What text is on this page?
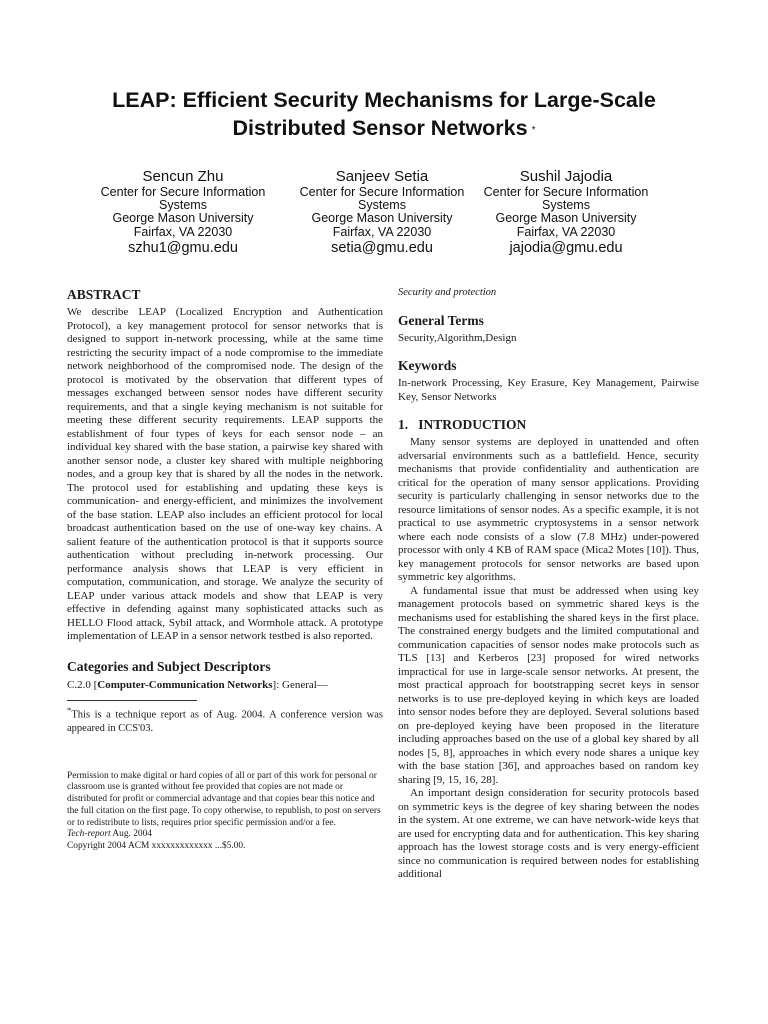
LEAP: Efficient Security Mechanisms for Large-Scale
Distributed Sensor Networks *
Sencun Zhu
Center for Secure Information
Systems
George Mason University
Fairfax, VA 22030
szhu1@gmu.edu
Sanjeev Setia
Center for Secure Information
Systems
George Mason University
Fairfax, VA 22030
setia@gmu.edu
Sushil Jajodia
Center for Secure Information
Systems
George Mason University
Fairfax, VA 22030
jajodia@gmu.edu
ABSTRACT

We describe LEAP (Localized Encryption and Authentication Protocol), a key management protocol for sensor networks that is designed to support in-network processing, while at the same time restricting the security impact of a node compromise to the immediate network neighborhood of the compromised node. The design of the protocol is motivated by the observation that different types of messages exchanged between sensor nodes have different security requirements, and that a single keying mechanism is not suitable for meeting these different security requirements. LEAP supports the establishment of four types of keys for each sensor node – an individual key shared with the base station, a pairwise key shared with another sensor node, a cluster key shared with multiple neighboring nodes, and a group key that is shared by all the nodes in the network. The protocol used for establishing and updating these keys is communication- and energy-efficient, and minimizes the involvement of the base station. LEAP also includes an efficient protocol for local broadcast authentication based on the use of one-way key chains. A salient feature of the authentication protocol is that it supports source authentication without precluding in-network processing. Our performance analysis shows that LEAP is very efficient in computation, communication, and storage. We analyze the security of LEAP under various attack models and show that LEAP is very effective in defending against many sophisticated attacks such as HELLO Flood attack, Sybil attack, and Wormhole attack. A prototype implementation of LEAP in a sensor network testbed is also reported.

Categories and Subject Descriptors

C.2.0 [Computer-Communication Networks]: General—

*This is a technique report as of Aug. 2004. A conference version was appeared in CCS'03.

Permission to make digital or hard copies of all or part of this work for personal or classroom use is granted without fee provided that copies are not made or distributed for profit or commercial advantage and that copies bear this notice and the full citation on the first page. To copy otherwise, to republish, to post on servers or to redistribute to lists, requires prior specific permission and/or a fee.

Tech-report Aug. 2004

Copyright 2004 ACM xxxxxxxxxxxxx ...$5.00.

Security and protection

General Terms

Security,Algorithm,Design

Keywords

In-network Processing, Key Erasure, Key Management, Pairwise Key, Sensor Networks

1.   INTRODUCTION

Many sensor systems are deployed in unattended and often adversarial environments such as a battlefield. Hence, security mechanisms that provide confidentiality and authentication are critical for the operation of many sensor applications. Providing security is particularly challenging in sensor networks due to the resource limitations of sensor nodes. As a specific example, it is not practical to use asymmetric cryptosystems in a sensor network where each node consists of a slow (7.8 MHz) under-powered processor with only 4 KB of RAM space (Mica2 Motes [10]). Thus, key management protocols for sensor networks are based upon symmetric key algorithms.

A fundamental issue that must be addressed when using key management protocols based on symmetric shared keys is the mechanisms used for establishing the shared keys in the first place. The constrained energy budgets and the limited computational and communication capacities of sensor nodes make protocols such as TLS [13] and Kerberos [23] proposed for wired networks impractical for use in large-scale sensor networks. At present, the most practical approach for bootstrapping secret keys in sensor networks is to use pre-deployed keying in which keys are loaded into sensor nodes before they are deployed. Several solutions based on pre-deployed keying have been proposed in the literature including approaches based on the use of a global key shared by all nodes [5, 8], approaches in which every node shares a unique key with the base station [36], and approaches based on random key sharing [9, 15, 16, 28].

An important design consideration for security protocols based on symmetric keys is the degree of key sharing between the nodes in the system. At one extreme, we can have network-wide keys that are used for encrypting data and for authentication. This key sharing approach has the lowest storage costs and is very energy-efficient since no communication is required between nodes for establishing additional
